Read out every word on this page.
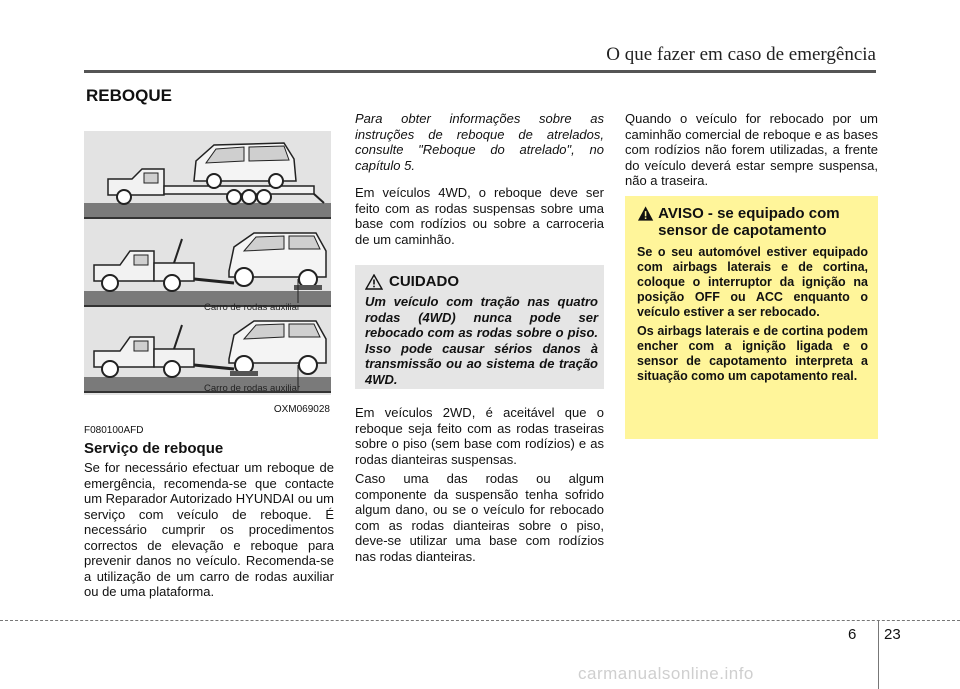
O que fazer em caso de emergência
REBOQUE
Carro de rodas auxiliar
Carro de rodas auxiliar
OXM069028
F080100AFD
Serviço de reboque

Se for necessário efectuar um reboque de emergência, recomenda-se que contacte um Reparador Autorizado HYUNDAI ou um serviço com veículo de reboque. É necessário cumprir os procedimentos correctos de elevação e reboque para prevenir danos no veículo. Recomenda-se a utilização de um carro de rodas auxiliar ou de uma plataforma.

Para obter informações sobre as instruções de reboque de atrelados, consulte "Reboque do atrelado", no capítulo 5.

Em veículos 4WD, o reboque deve ser feito com as rodas suspensas sobre uma base com rodízios ou sobre a carroceria de um caminhão.

CUIDADO
Um veículo com tração nas quatro rodas (4WD) nunca pode ser rebocado com as rodas sobre o piso. Isso pode causar sérios danos à transmissão ou ao sistema de tração 4WD.

Em veículos 2WD, é aceitável que o reboque seja feito com as rodas traseiras sobre o piso (sem base com rodízios) e as rodas dianteiras suspensas.

Caso uma das rodas ou algum componente da suspensão tenha sofrido algum dano, ou se o veículo for rebocado com as rodas dianteiras sobre o piso, deve-se utilizar uma base com rodízios nas rodas dianteiras.

Quando o veículo for rebocado por um caminhão comercial de reboque e as bases com rodízios não forem utilizadas, a frente do veículo deverá estar sempre suspensa, não a traseira.

AVISO - se equipado com sensor de capotamento

Se o seu automóvel estiver equipado com airbags laterais e de cortina, coloque o interruptor da ignição na posição OFF ou ACC enquanto o veículo estiver a ser rebocado.

Os airbags laterais e de cortina podem encher com a ignição ligada e o sensor de capotamento interpreta a situação como um capotamento real.

6 23
carmanualsonline.info
